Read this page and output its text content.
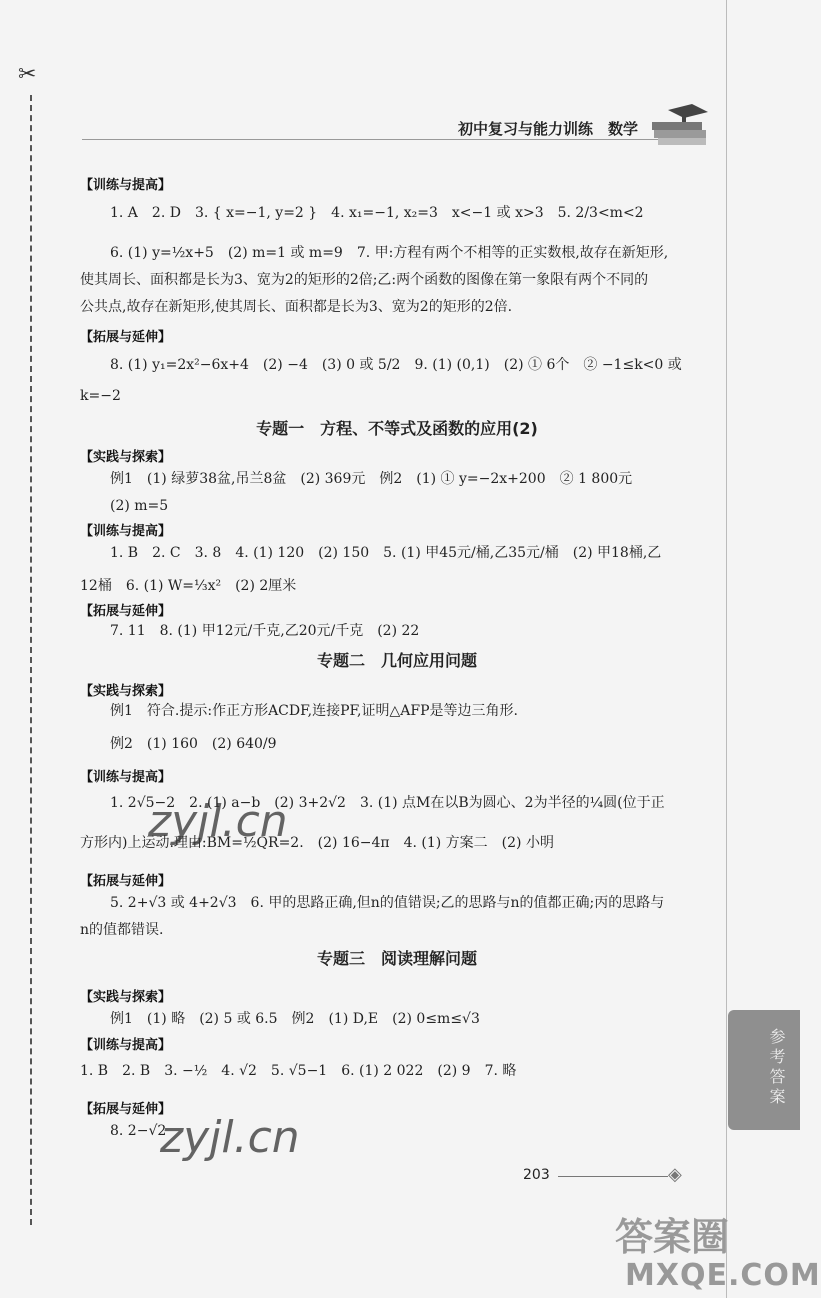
✂
初中复习与能力训练　数学
参考答案
【训练与提高】
1. A　2. D　3. { x=−1, y=2 }　4. x₁=−1, x₂=3　x<−1 或 x>3　5. 2/3<m<2
6. (1) y=½x+5　(2) m=1 或 m=9　7. 甲:方程有两个不相等的正实数根,故存在新矩形,
使其周长、面积都是长为3、宽为2的矩形的2倍;乙:两个函数的图像在第一象限有两个不同的
公共点,故存在新矩形,使其周长、面积都是长为3、宽为2的矩形的2倍.
【拓展与延伸】
8. (1) y₁=2x²−6x+4　(2) −4　(3) 0 或 5/2　9. (1) (0,1)　(2) ① 6个　② −1≤k<0 或
k=−2
专题一　方程、不等式及函数的应用(2)
【实践与探索】
例1　(1) 绿萝38盆,吊兰8盆　(2) 369元　例2　(1) ① y=−2x+200　② 1 800元
(2) m=5
【训练与提高】
1. B　2. C　3. 8　4. (1) 120　(2) 150　5. (1) 甲45元/桶,乙35元/桶　(2) 甲18桶,乙
12桶　6. (1) W=⅓x²　(2) 2厘米
【拓展与延伸】
7. 11　8. (1) 甲12元/千克,乙20元/千克　(2) 22
专题二　几何应用问题
【实践与探索】
例1　符合.提示:作正方形ACDF,连接PF,证明△AFP是等边三角形.
例2　(1) 160　(2) 640/9
【训练与提高】
1. 2√5−2　2. (1) a−b　(2) 3+2√2　3. (1) 点M在以B为圆心、2为半径的¼圆(位于正
方形内)上运动.理由:BM=½QR=2.　(2) 16−4π　4. (1) 方案二　(2) 小明
【拓展与延伸】
5. 2+√3 或 4+2√3　6. 甲的思路正确,但n的值错误;乙的思路与n的值都正确;丙的思路与
n的值都错误.
专题三　阅读理解问题
【实践与探索】
例1　(1) 略　(2) 5 或 6.5　例2　(1) D,E　(2) 0≤m≤√3
【训练与提高】
1. B　2. B　3. −½　4. √2　5. √5−1　6. (1) 2 022　(2) 9　7. 略
【拓展与延伸】
8. 2−√2
zyjl.cn
zyjl.cn
203	◈
答案圈
MXQE.COM
